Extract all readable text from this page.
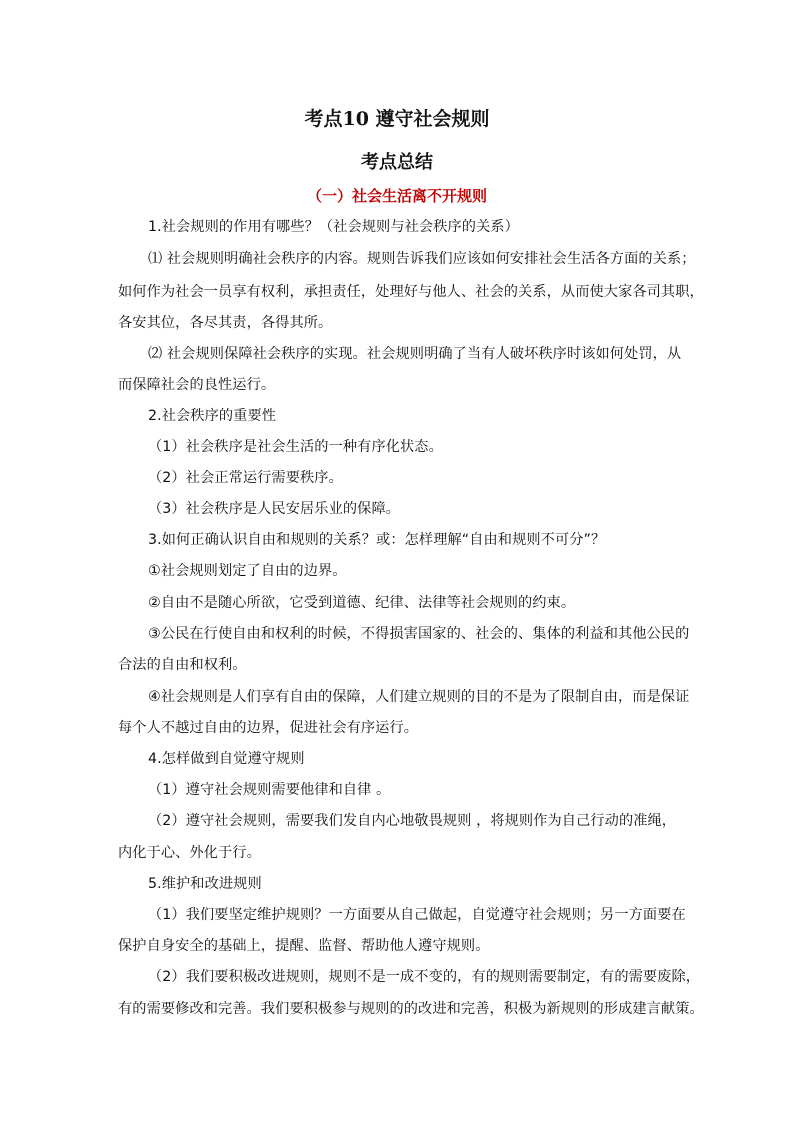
考点10 遵守社会规则
考点总结
（一）社会生活离不开规则
1.社会规则的作用有哪些？（社会规则与社会秩序的关系）
⑴ 社会规则明确社会秩序的内容。规则告诉我们应该如何安排社会生活各方面的关系；
如何作为社会一员享有权利，承担责任，处理好与他人、社会的关系，从而使大家各司其职，
各安其位，各尽其责，各得其所。
⑵ 社会规则保障社会秩序的实现。社会规则明确了当有人破坏秩序时该如何处罚，从
而保障社会的良性运行。
2.社会秩序的重要性
（1）社会秩序是社会生活的一种有序化状态。
（2）社会正常运行需要秩序。
（3）社会秩序是人民安居乐业的保障。
3.如何正确认识自由和规则的关系？或：怎样理解“自由和规则不可分”？
①社会规则划定了自由的边界。
②自由不是随心所欲，它受到道德、纪律、法律等社会规则的约束。
③公民在行使自由和权利的时候，不得损害国家的、社会的、集体的利益和其他公民的
合法的自由和权利。
④社会规则是人们享有自由的保障，人们建立规则的目的不是为了限制自由，而是保证
每个人不越过自由的边界，促进社会有序运行。
4.怎样做到自觉遵守规则
（1）遵守社会规则需要他律和自律 。
（2）遵守社会规则，需要我们发自内心地敬畏规则 ，将规则作为自己行动的准绳，
内化于心、外化于行。
5.维护和改进规则
（1）我们要坚定维护规则？一方面要从自己做起，自觉遵守社会规则；另一方面要在
保护自身安全的基础上，提醒、监督、帮助他人遵守规则。
（2）我们要积极改进规则，规则不是一成不变的，有的规则需要制定，有的需要废除，
有的需要修改和完善。我们要积极参与规则的的改进和完善，积极为新规则的形成建言献策。
